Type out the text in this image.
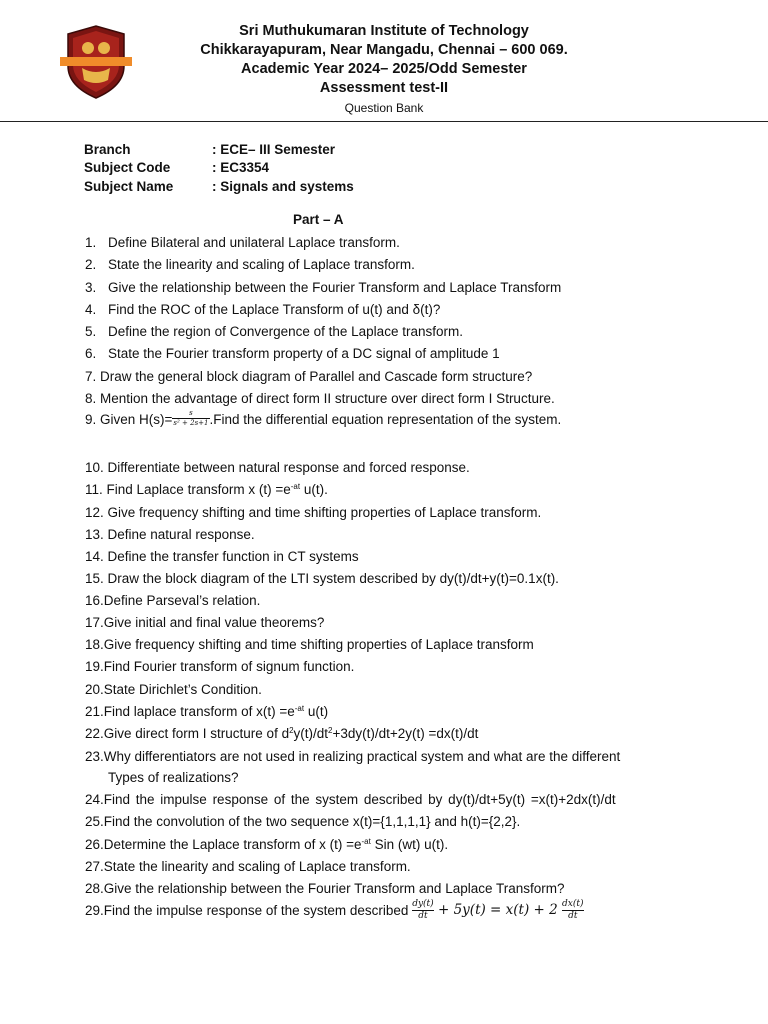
Sri Muthukumaran Institute of Technology

Chikkarayapuram, Near Mangadu, Chennai – 600 069.

Academic Year 2024– 2025/Odd Semester

Assessment test-II

Question Bank
Branch	: ECE– III Semester
Subject Code	: EC3354
Subject Name	: Signals and systems
Part – A
1. Define Bilateral and unilateral Laplace transform.
2. State the linearity and scaling of Laplace transform.
3. Give the relationship between the Fourier Transform and Laplace Transform
4. Find the ROC of the Laplace Transform of u(t) and δ(t)?
5. Define the region of Convergence of the Laplace transform.
6. State the Fourier transform property of a DC signal of amplitude 1
7. Draw the general block diagram of Parallel and Cascade form structure?
8. Mention the advantage of direct form II structure over direct form I Structure.
9. Given $H(s)= \frac{s}{\text{s² + 2s+1}}$ .Find the differential equation representation of the system.
10. Differentiate between natural response and forced response.
11. Find Laplace transform x $(t) =e^{-at}$ u(t).
12. Give frequency shifting and time shifting properties of Laplace transform.
13. Define natural response.
14. Define the transfer function in CT systems
15. Draw the block diagram of the LTI system described by dy(t)/dt+y(t)=0.1x(t).
16.Define Parseval’s relation.
17.Give initial and final value theorems?
18.Give frequency shifting and time shifting properties of Laplace transform
19.Find Fourier transform of signum function.
20.State Dirichlet’s Condition.
21.Find laplace transform of $x(t) =e^{-at}$ u(t)
22.Give direct form I structure of $d^2y(t)/dt^2+3dy(t)/dt+2y(t) =dx(t)/dt$
23.Why differentiators are not used in realizing practical system and what are the different
Types of realizations?
24.Find the impulse response of the system described by dy(t)/dt+5y(t) =x(t)+2dx(t)/dt
25.Find the convolution of the two sequence x(t)={1,1,1,1} and h(t)={2,2}.
26.Determine the Laplace transform of x $(t) =e^{-at}$ Sin (wt) u(t).
27.State the linearity and scaling of Laplace transform.
28.Give the relationship between the Fourier Transform and Laplace Transform?
29.Find the impulse response of the system described $\frac{dy(t)}{dt} + 5y(t) = x(t) + 2 \frac{dx(t)}{dt}$
